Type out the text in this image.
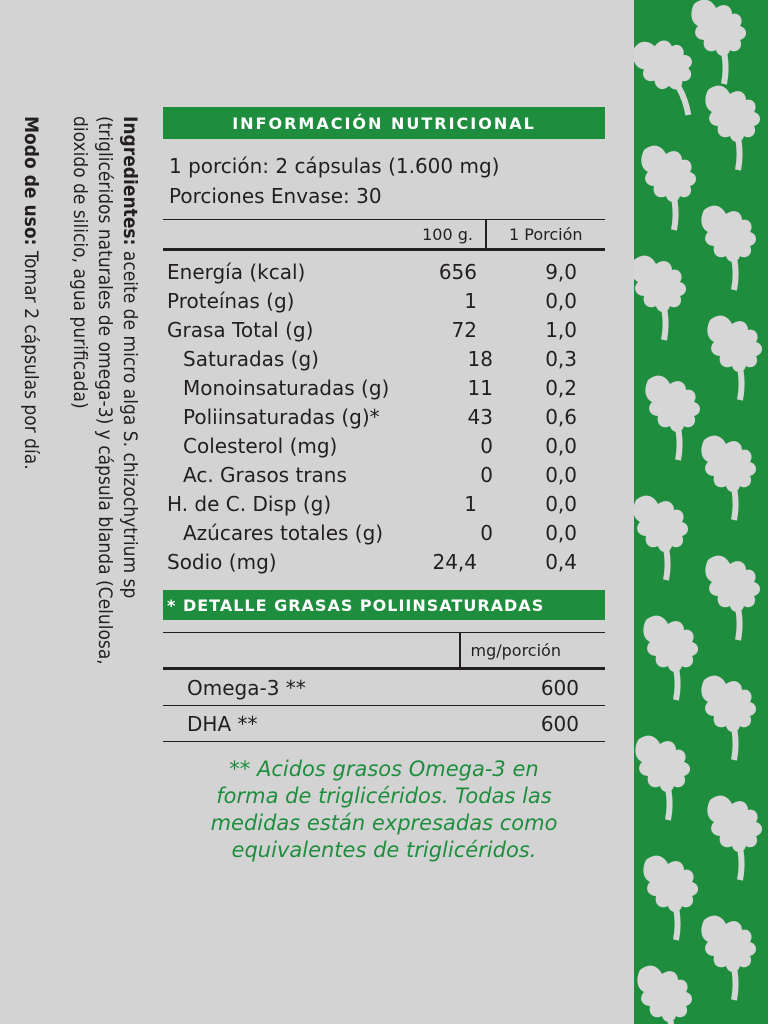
Ingredientes: aceite de micro alga S. chizochytrium sp

(triglicéridos naturales de omega-3) y cápsula blanda (Celulosa,

dioxido de silicio, agua purificada)

Modo de uso: Tomar 2 cápsulas por día.

INFORMACIÓN NUTRICIONAL
1 porción: 2 cápsulas (1.600 mg)
Porciones Envase: 30
100 g.	1 Porción
Energía (kcal)	656	9,0
Proteínas (g)	1	0,0
Grasa Total (g)	72	1,0
Saturadas (g)	18	0,3
Monoinsaturadas (g)	11	0,2
Poliinsaturadas (g)*	43	0,6
Colesterol (mg)	0	0,0
Ac. Grasos trans	0	0,0
H. de C. Disp (g)	1	0,0
Azúcares totales (g)	0	0,0
Sodio (mg)	24,4	0,4
* DETALLE GRASAS POLIINSATURADAS
mg/porción
Omega-3 **	600
DHA **	600
** Acidos grasos Omega-3 en
forma de triglicéridos. Todas las
medidas están expresadas como
equivalentes de triglicéridos.
